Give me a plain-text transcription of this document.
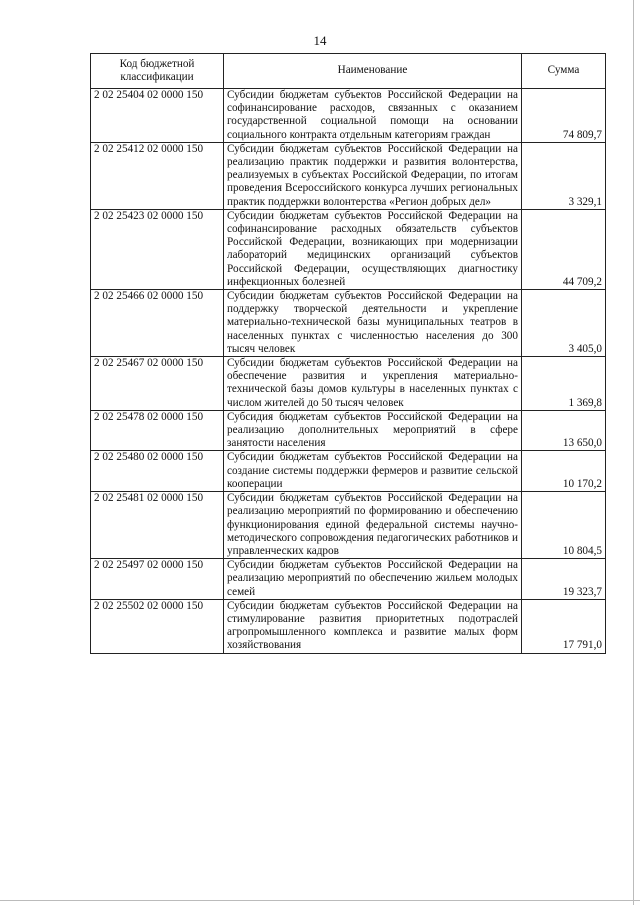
14
Код бюджетной классификации	Наименование	Сумма
2 02 25404 02 0000 150	Субсидии бюджетам субъектов Российской Федерации на софинансирование расходов, связанных с оказанием государственной социальной помощи на основании социального контракта отдельным категориям граждан	74 809,7
2 02 25412 02 0000 150	Субсидии бюджетам субъектов Российской Федерации на реализацию практик поддержки и развития волонтерства, реализуемых в субъектах Российской Федерации, по итогам проведения Всероссийского конкурса лучших региональных практик поддержки волонтерства «Регион добрых дел»	3 329,1
2 02 25423 02 0000 150	Субсидии бюджетам субъектов Российской Федерации на софинансирование расходных обязательств субъектов Российской Федерации, возникающих при модернизации лабораторий медицинских организаций субъектов Российской Федерации, осуществляющих диагностику инфекционных болезней	44 709,2
2 02 25466 02 0000 150	Субсидии бюджетам субъектов Российской Федерации на поддержку творческой деятельности и укрепление материально-технической базы муниципальных театров в населенных пунктах с численностью населения до 300 тысяч человек	3 405,0
2 02 25467 02 0000 150	Субсидии бюджетам субъектов Российской Федерации на обеспечение развития и укрепления материально-технической базы домов культуры в населенных пунктах с числом жителей до 50 тысяч человек	1 369,8
2 02 25478 02 0000 150	Субсидия бюджетам субъектов Российской Федерации на реализацию дополнительных мероприятий в сфере занятости населения	13 650,0
2 02 25480 02 0000 150	Субсидии бюджетам субъектов Российской Федерации на создание системы поддержки фермеров и развитие сельской кооперации	10 170,2
2 02 25481 02 0000 150	Субсидии бюджетам субъектов Российской Федерации на реализацию мероприятий по формированию и обеспечению функционирования единой федеральной системы научно-методического сопровождения педагогических работников и управленческих кадров	10 804,5
2 02 25497 02 0000 150	Субсидии бюджетам субъектов Российской Федерации на реализацию мероприятий по обеспечению жильем молодых семей	19 323,7
2 02 25502 02 0000 150	Субсидии бюджетам субъектов Российской Федерации на стимулирование развития приоритетных подотраслей агропромышленного комплекса и развитие малых форм хозяйствования	17 791,0
